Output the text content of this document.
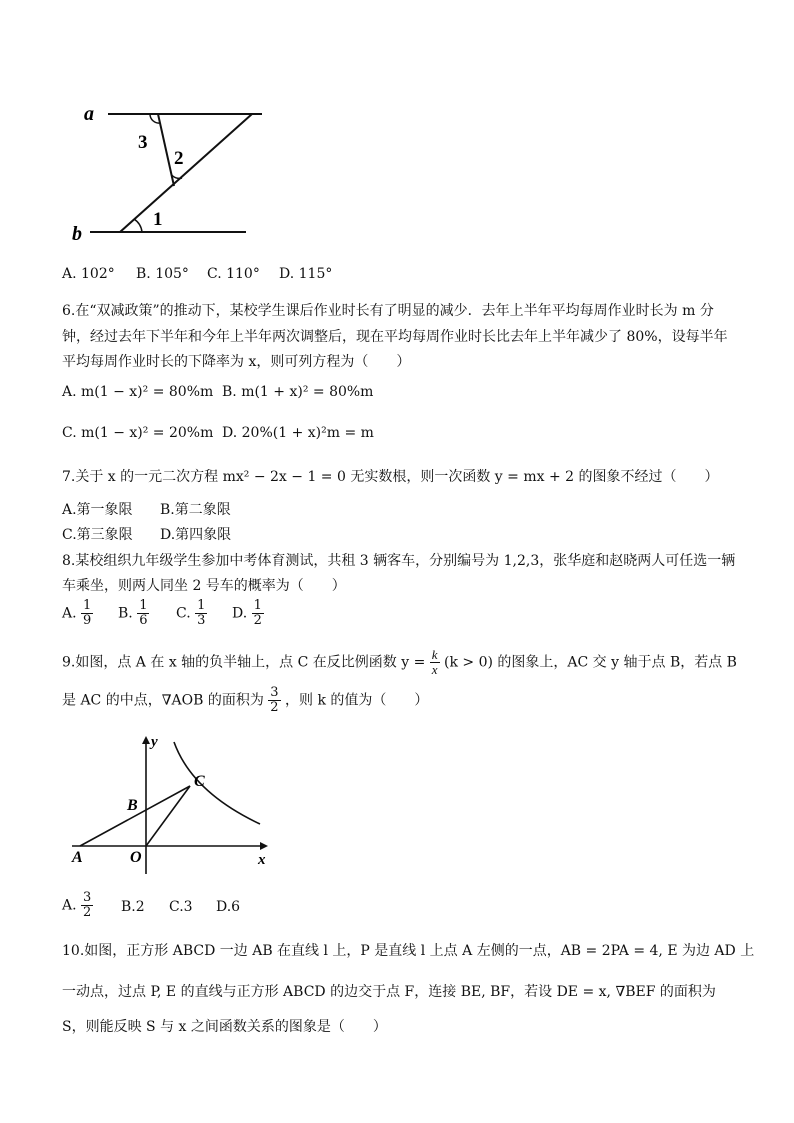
a
b
3
2
1
A. 102° B. 105° C. 110° D. 115°
6.在“双减政策”的推动下，某校学生课后作业时长有了明显的减少．去年上半年平均每周作业时长为 m 分
钟，经过去年下半年和今年上半年两次调整后，现在平均每周作业时长比去年上半年减少了 80%，设每半年
平均每周作业时长的下降率为 x，则可列方程为（　　）
A. m(1 − x)² = 80%m B. m(1 + x)² = 80%m
C. m(1 − x)² = 20%m D. 20%(1 + x)²m = m
7.关于 x 的一元二次方程 mx² − 2x − 1 = 0 无实数根，则一次函数 y = mx + 2 的图象不经过（　　）
A.第一象限 B.第二象限
C.第三象限 D.第四象限
8.某校组织九年级学生参加中考体育测试，共租 3 辆客车，分别编号为 1,2,3，张华庭和赵晓两人可任选一辆
车乘坐，则两人同坐 2 号车的概率为（　　）
A. $\frac{1}{9} B$. $\frac{1}{6} C$. $\frac{1}{3} D$. $\frac{1}{2}$
9.如图，点 A 在 x 轴的负半轴上，点 C 在反比例函数 $y = \frac{k}{x} (k > 0)$ 的图象上，AC 交 y 轴于点 B，若点 B
是 AC 的中点，∇AOB 的面积为 $\frac{3}{2}$ ，则 k 的值为（　　）
y
x
A	O
B
C
A. $\frac{3}{2} B.2$ C.3 D.6
10.如图，正方形 ABCD 一边 AB 在直线 l 上，P 是直线 l 上点 A 左侧的一点，AB = 2PA = 4, E 为边 AD 上
一动点，过点 P, E 的直线与正方形 ABCD 的边交于点 F，连接 BE, BF，若设 DE = x, ∇BEF 的面积为
S，则能反映 S 与 x 之间函数关系的图象是（　　）
